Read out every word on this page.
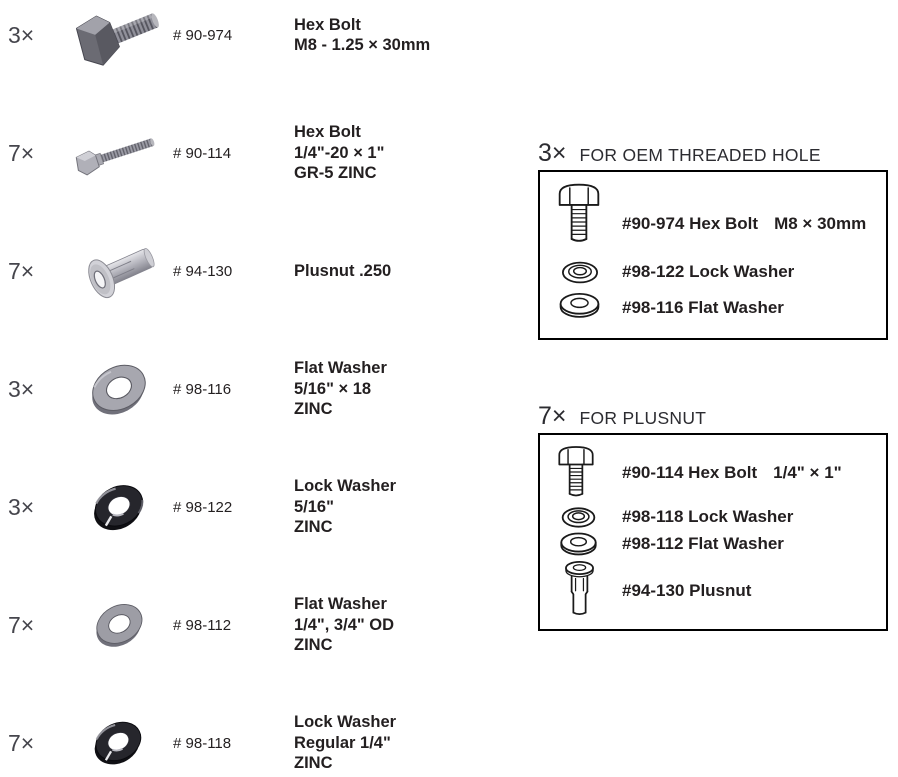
3×	# 90-974
Hex Bolt
M8 - 1.25 × 30mm
7×	# 90-114
Hex Bolt
1/4"-20 × 1"
GR-5 ZINC
7×	# 94-130	Plusnut .250
3×	# 98-116
Flat Washer
5/16" × 18
ZINC
3×	# 98-122
Lock Washer
5/16"
ZINC
7×	# 98-112
Flat Washer
1/4", 3/4" OD
ZINC
7×	# 98-118
Lock Washer
Regular 1/4"
ZINC
3× FOR OEM THREADED HOLE
#90-974 Hex Bolt M8 × 30mm
#98-122 Lock Washer
#98-116 Flat Washer
7× FOR PLUSNUT
#90-114 Hex Bolt 1/4" × 1"
#98-118 Lock Washer
#98-112 Flat Washer
#94-130 Plusnut
